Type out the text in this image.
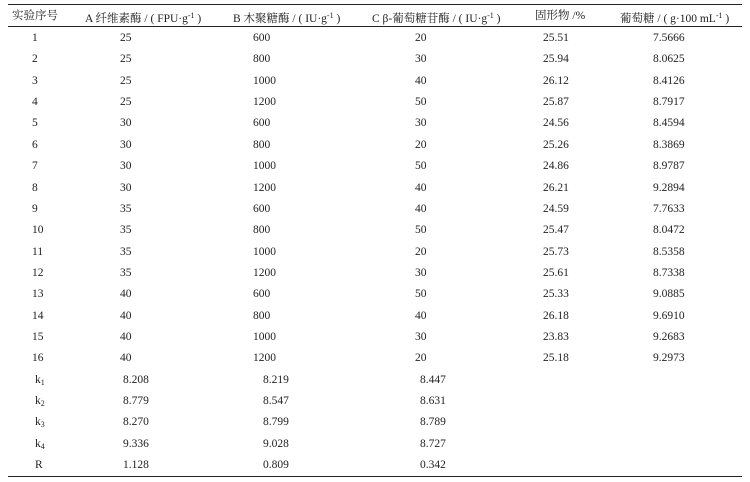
实验序号 A 纤维素酶 / ( $FPU\cdot g^{-1}$ )	B 木聚糖酶 / ( $IU\cdot g^{-1}$ )	C β-葡萄糖苷酶 / ( $IU\cdot g^{-1}$ )	固形物 /%	葡萄糖 / ( g·100 $mL^{-1}$ )
1	25	600	20	25.51	7.5666
2	25	800	30	25.94	8.0625
3	25	1000	40	26.12	8.4126
4	25	1200	50	25.87	8.7917
5	30	600	30	24.56	8.4594
6	30	800	20	25.26	8.3869
7	30	1000	50	24.86	8.9787
8	30	1200	40	26.21	9.2894
9	35	600	40	24.59	7.7633
10	35	800	50	25.47	8.0472
11	35	1000	20	25.73	8.5358
12	35	1200	30	25.61	8.7338
13	40	600	50	25.33	9.0885
14	40	800	40	26.18	9.6910
15	40	1000	30	23.83	9.2683
16	40	1200	20	25.18	9.2973
$k_1$	8.208	8.219	8.447
$k_2$	8.779	8.547	8.631
$k_3$	8.270	8.799	8.789
$k_4$	9.336	9.028	8.727
R	1.128	0.809	0.342
